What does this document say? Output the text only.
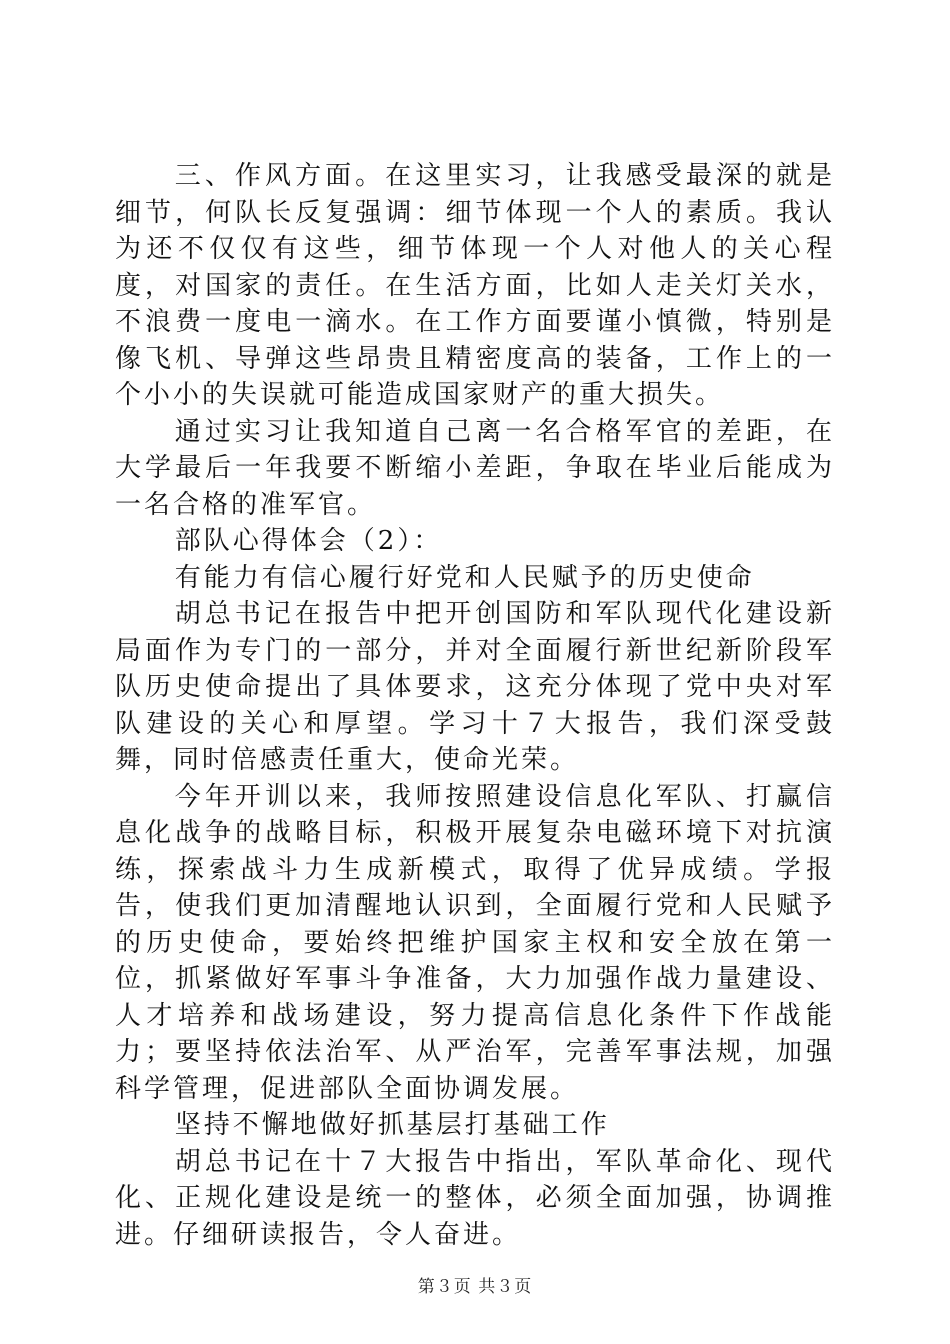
三、作风方面。在这里实习，让我感受最深的就是细节，何队长反复强调：细节体现一个人的素质。我认为还不仅仅有这些，细节体现一个人对他人的关心程度，对国家的责任。在生活方面，比如人走关灯关水，不浪费一度电一滴水。在工作方面要谨小慎微，特别是像飞机、导弹这些昂贵且精密度高的装备，工作上的一个小小的失误就可能造成国家财产的重大损失。

通过实习让我知道自己离一名合格军官的差距，在大学最后一年我要不断缩小差距，争取在毕业后能成为一名合格的准军官。

部队心得体会（2）：

有能力有信心履行好党和人民赋予的历史使命

胡总书记在报告中把开创国防和军队现代化建设新局面作为专门的一部分，并对全面履行新世纪新阶段军队历史使命提出了具体要求，这充分体现了党中央对军队建设的关心和厚望。学习十７大报告，我们深受鼓舞，同时倍感责任重大，使命光荣。

今年开训以来，我师按照建设信息化军队、打赢信息化战争的战略目标，积极开展复杂电磁环境下对抗演练，探索战斗力生成新模式，取得了优异成绩。学报告，使我们更加清醒地认识到，全面履行党和人民赋予的历史使命，要始终把维护国家主权和安全放在第一位，抓紧做好军事斗争准备，大力加强作战力量建设、人才培养和战场建设，努力提高信息化条件下作战能力；要坚持依法治军、从严治军，完善军事法规，加强科学管理，促进部队全面协调发展。

坚持不懈地做好抓基层打基础工作

胡总书记在十７大报告中指出，军队革命化、现代化、正规化建设是统一的整体，必须全面加强，协调推进。仔细研读报告，令人奋进。

第３页 共３页
